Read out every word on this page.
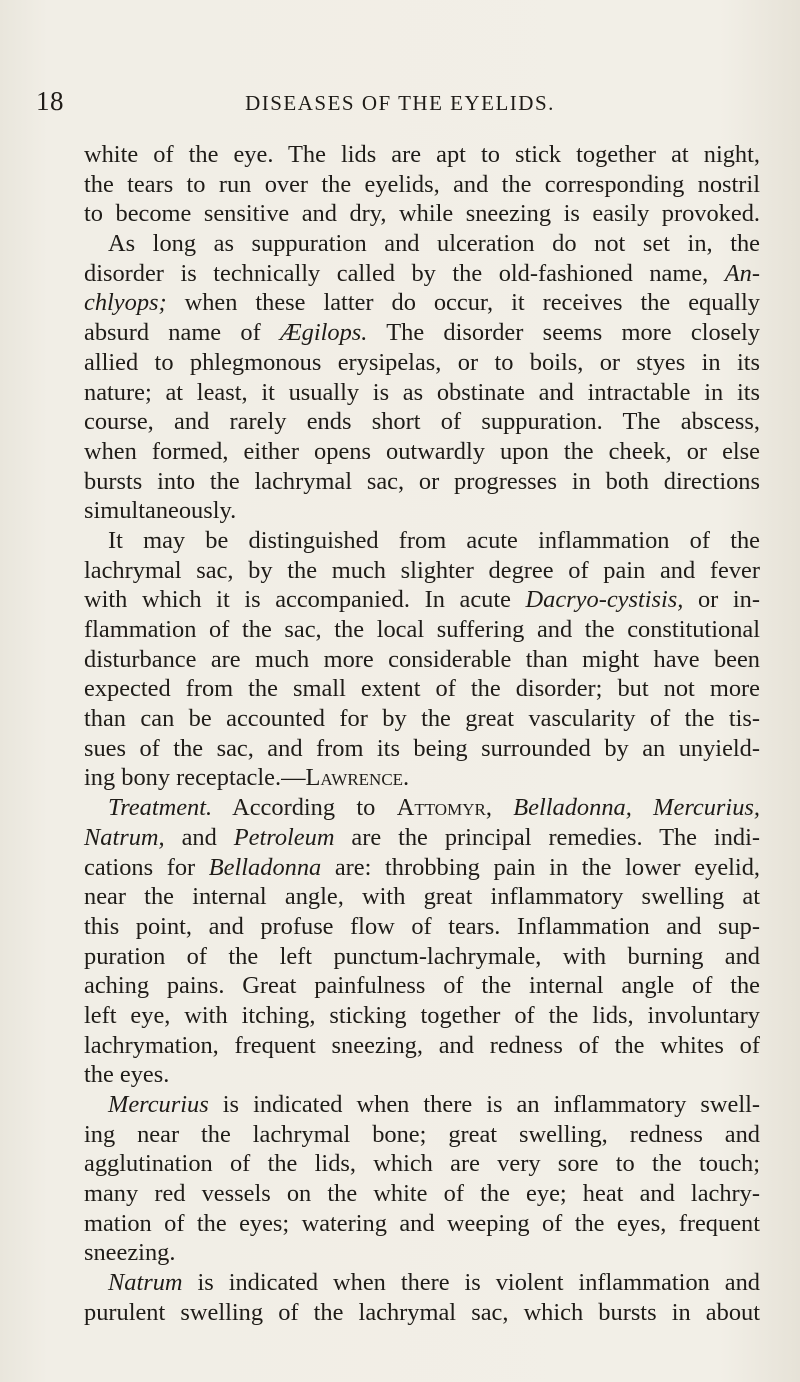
18	DISEASES OF THE EYELIDS.
white of the eye. The lids are apt to stick together at night,
the tears to run over the eyelids, and the corresponding nostril
to become sensitive and dry, while sneezing is easily provoked.
As long as suppuration and ulceration do not set in, the
disorder is technically called by the old-fashioned name, An-
chlyops; when these latter do occur, it receives the equally
absurd name of Ægilops. The disorder seems more closely
allied to phlegmonous erysipelas, or to boils, or styes in its
nature; at least, it usually is as obstinate and intractable in its
course, and rarely ends short of suppuration. The abscess,
when formed, either opens outwardly upon the cheek, or else
bursts into the lachrymal sac, or progresses in both directions
simultaneously.
It may be distinguished from acute inflammation of the
lachrymal sac, by the much slighter degree of pain and fever
with which it is accompanied. In acute Dacryo-cystisis, or in-
flammation of the sac, the local suffering and the constitutional
disturbance are much more considerable than might have been
expected from the small extent of the disorder; but not more
than can be accounted for by the great vascularity of the tis-
sues of the sac, and from its being surrounded by an unyield-
ing bony receptacle.—Lawrence.
Treatment. According to Attomyr, Belladonna, Mercurius,
Natrum, and Petroleum are the principal remedies. The indi-
cations for Belladonna are: throbbing pain in the lower eyelid,
near the internal angle, with great inflammatory swelling at
this point, and profuse flow of tears. Inflammation and sup-
puration of the left punctum-lachrymale, with burning and
aching pains. Great painfulness of the internal angle of the
left eye, with itching, sticking together of the lids, involuntary
lachrymation, frequent sneezing, and redness of the whites of
the eyes.
Mercurius is indicated when there is an inflammatory swell-
ing near the lachrymal bone; great swelling, redness and
agglutination of the lids, which are very sore to the touch;
many red vessels on the white of the eye; heat and lachry-
mation of the eyes; watering and weeping of the eyes, frequent
sneezing.
Natrum is indicated when there is violent inflammation and
purulent swelling of the lachrymal sac, which bursts in about
